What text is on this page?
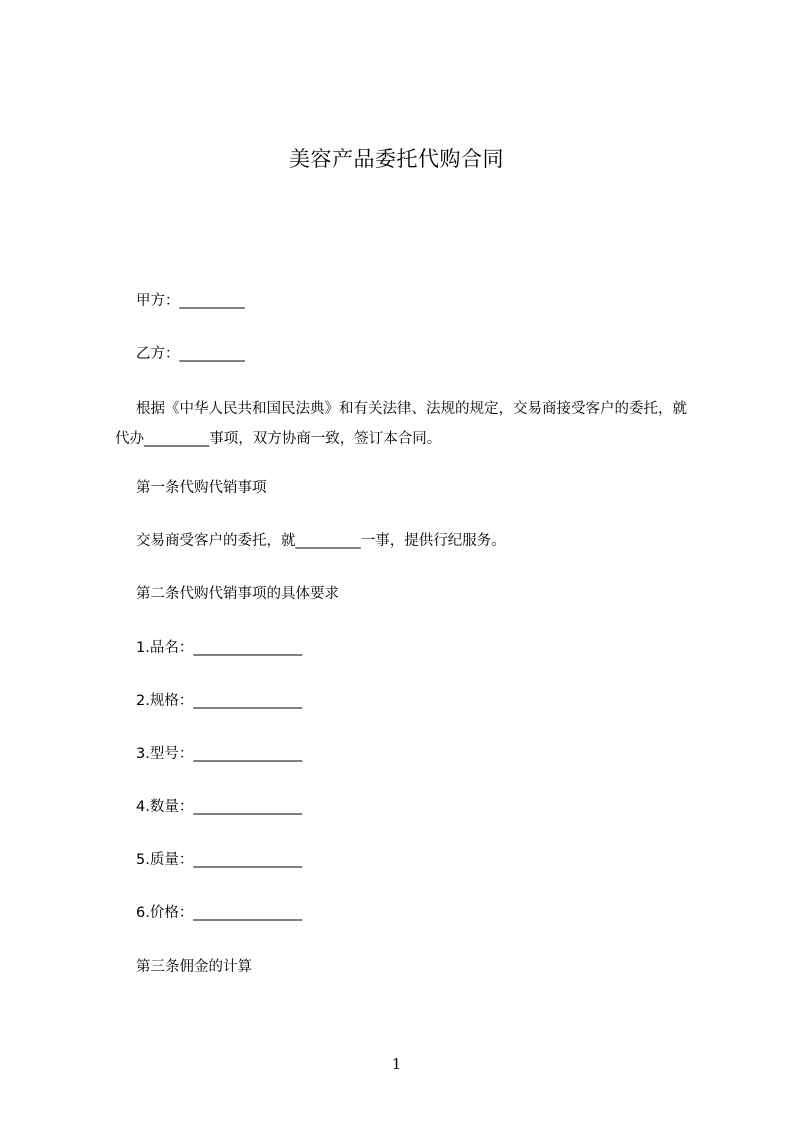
美容产品委托代购合同
甲方：_________
乙方：_________
根据《中华人民共和国民法典》和有关法律、法规的规定，交易商接受客户的委托，就代办_________事项，双方协商一致，签订本合同。
第一条代购代销事项
交易商受客户的委托，就_________一事，提供行纪服务。
第二条代购代销事项的具体要求
1.品名：_______________
2.规格：_______________
3.型号：_______________
4.数量：_______________
5.质量：_______________
6.价格：_______________
第三条佣金的计算
1
